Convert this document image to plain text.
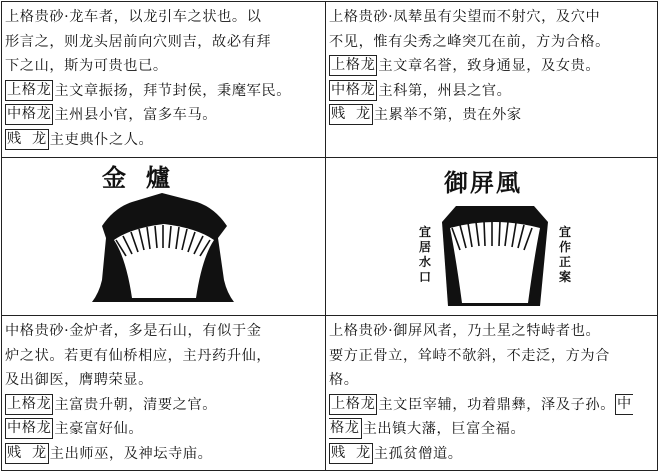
上格贵砂·龙车者，以龙引车之状也。以
形言之，则龙头居前向穴则吉，故必有拜
下之山，斯为可贵也已。
上格龙 主文章振扬，拜节封侯，秉麾军民。
中格龙 主州县小官，富多车马。
贱  龙 主吏典仆之人。
上格贵砂·凤辇虽有尖望而不射穴，及穴中
不见，惟有尖秀之峰突兀在前，方为合格。
上格龙 主文章名誉，致身通显，及女贵。
中格龙 主科第，州县之官。
贱  龙 主累举不第，贵在外家
金爐	御屏風
宜
居
水
口
宜
作
正
案
中格贵砂·金炉者，多是石山，有似于金
炉之状。若更有仙桥相应，主丹药升仙，
及出御医，膺聘荣显。
上格龙 主富贵升朝，清要之官。
中格龙 主豪富好仙。
贱  龙 主出师巫，及神坛寺庙。
上格贵砂·御屏风者，乃土星之特峙者也。
要方正骨立，耸峙不欹斜，不走泛，方为合
格。
上格龙 主文臣宰辅，功着鼎彝，泽及子孙。 中
格龙 主出镇大藩，巨富全福。
贱  龙 主孤贫僧道。
